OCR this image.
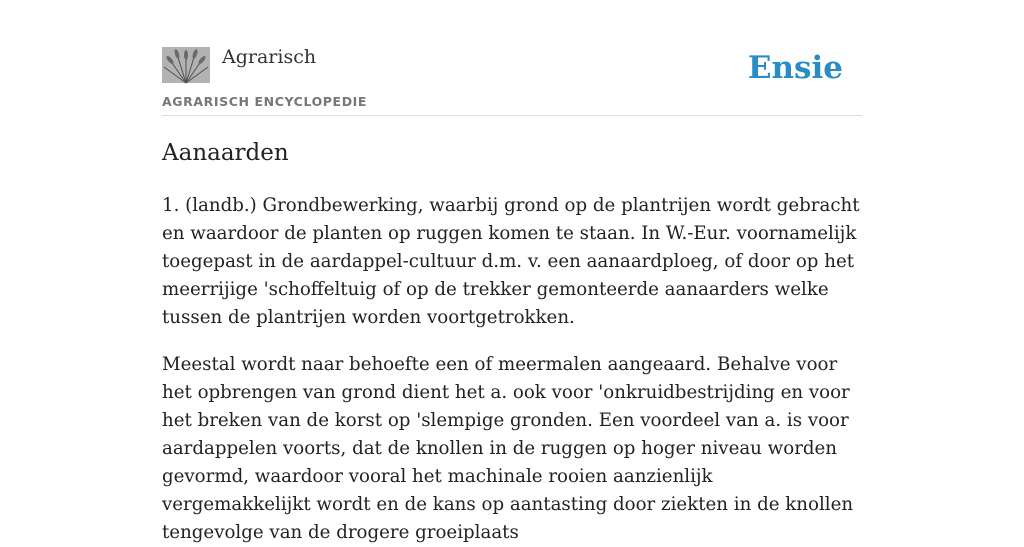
Agrarisch
AGRARISCH ENCYCLOPEDIE
Ensie
Aanaarden

1. (landb.) Grondbewerking, waarbij grond op de plantrijen wordt gebracht en waardoor de planten op ruggen komen te staan. In W.-Eur. voornamelijk toegepast in de aardappel-cultuur d.m. v. een aanaardploeg, of door op het meerrijige 'schoffeltuig of op de trekker gemonteerde aanaarders welke tussen de plantrijen worden voortgetrokken.

Meestal wordt naar behoefte een of meermalen aangeaard. Behalve voor het opbrengen van grond dient het a. ook voor 'onkruidbestrijding en voor het breken van de korst op 'slempige gronden. Een voordeel van a. is voor aardappelen voorts, dat de knollen in de ruggen op hoger niveau worden gevormd, waardoor vooral het machinale rooien aanzienlijk vergemakkelijkt wordt en de kans op aantasting door ziekten in de knollen tengevolge van de drogere groeiplaats
